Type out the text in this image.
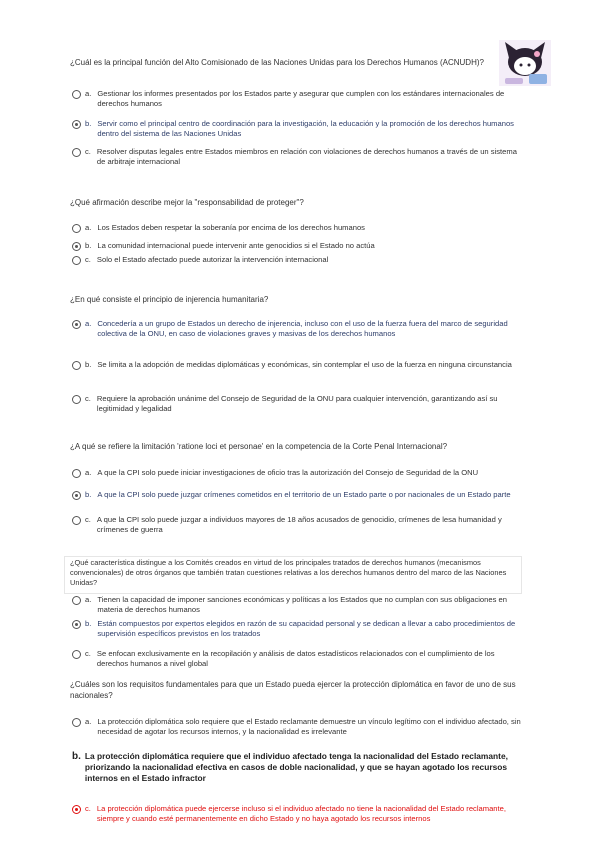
¿Cuál es la principal función del Alto Comisionado de las Naciones Unidas para los Derechos Humanos (ACNUDH)?
a. Gestionar los informes presentados por los Estados parte y asegurar que cumplen con los estándares internacionales de derechos humanos
b. Servir como el principal centro de coordinación para la investigación, la educación y la promoción de los derechos humanos dentro del sistema de las Naciones Unidas
c. Resolver disputas legales entre Estados miembros en relación con violaciones de derechos humanos a través de un sistema de arbitraje internacional
¿Qué afirmación describe mejor la "responsabilidad de proteger"?
a. Los Estados deben respetar la soberanía por encima de los derechos humanos
b. La comunidad internacional puede intervenir ante genocidios si el Estado no actúa
c. Solo el Estado afectado puede autorizar la intervención internacional
¿En qué consiste el principio de injerencia humanitaria?
a. Concedería a un grupo de Estados un derecho de injerencia, incluso con el uso de la fuerza fuera del marco de seguridad colectiva de la ONU, en caso de violaciones graves y masivas de los derechos humanos
b. Se limita a la adopción de medidas diplomáticas y económicas, sin contemplar el uso de la fuerza en ninguna circunstancia
c. Requiere la aprobación unánime del Consejo de Seguridad de la ONU para cualquier intervención, garantizando así su legitimidad y legalidad
¿A qué se refiere la limitación 'ratione loci et personae' en la competencia de la Corte Penal Internacional?
a. A que la CPI solo puede iniciar investigaciones de oficio tras la autorización del Consejo de Seguridad de la ONU
b. A que la CPI solo puede juzgar crímenes cometidos en el territorio de un Estado parte o por nacionales de un Estado parte
c. A que la CPI solo puede juzgar a individuos mayores de 18 años acusados de genocidio, crímenes de lesa humanidad y crímenes de guerra
¿Qué característica distingue a los Comités creados en virtud de los principales tratados de derechos humanos (mecanismos convencionales) de otros órganos que también tratan cuestiones relativas a los derechos humanos dentro del marco de las Naciones Unidas?
a. Tienen la capacidad de imponer sanciones económicas y políticas a los Estados que no cumplan con sus obligaciones en materia de derechos humanos
b. Están compuestos por expertos elegidos en razón de su capacidad personal y se dedican a llevar a cabo procedimientos de supervisión específicos previstos en los tratados
c. Se enfocan exclusivamente en la recopilación y análisis de datos estadísticos relacionados con el cumplimiento de los derechos humanos a nivel global
¿Cuáles son los requisitos fundamentales para que un Estado pueda ejercer la protección diplomática en favor de uno de sus nacionales?
a. La protección diplomática solo requiere que el Estado reclamante demuestre un vínculo legítimo con el individuo afectado, sin necesidad de agotar los recursos internos, y la nacionalidad es irrelevante
b. La protección diplomática requiere que el individuo afectado tenga la nacionalidad del Estado reclamante, priorizando la nacionalidad efectiva en casos de doble nacionalidad, y que se hayan agotado los recursos internos en el Estado infractor
c. La protección diplomática puede ejercerse incluso si el individuo afectado no tiene la nacionalidad del Estado reclamante, siempre y cuando esté permanentemente en dicho Estado y no haya agotado los recursos internos
